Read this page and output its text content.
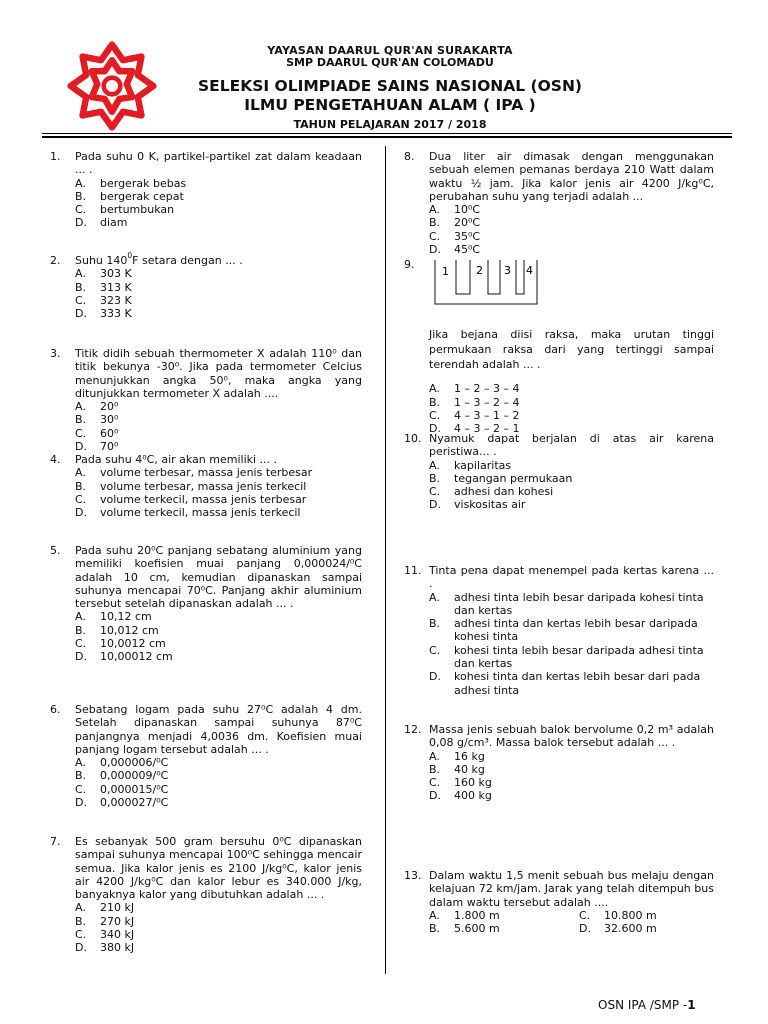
YAYASAN DAARUL QUR'AN SURAKARTA
SMP DAARUL QUR'AN COLOMADU
SELEKSI OLIMPIADE SAINS NASIONAL (OSN)
ILMU PENGETAHUAN ALAM ( IPA )
TAHUN PELAJARAN 2017 / 2018
1.	Pada suhu 0 K, partikel-partikel zat dalam keadaan ... .
A.	bergerak bebas
B.	bergerak cepat
C.	bertumbukan
D.	diam
2.	Suhu $140^0F$ setara dengan ... .
A.	303 K
B.	313 K
C.	323 K
D.	333 K
3.	Titik didih sebuah thermometer X adalah 110⁰ dan titik bekunya -30⁰. Jika pada termometer Celcius menunjukkan angka 50⁰, maka angka yang ditunjukkan termometer X adalah ....
A.	20⁰
B.	30⁰
C.	60⁰
D.	70⁰
4.	Pada suhu 4⁰C, air akan memiliki ... .
A.	volume terbesar, massa jenis terbesar
B.	volume terbesar, massa jenis terkecil
C.	volume terkecil, massa jenis terbesar
D.	volume terkecil, massa jenis terkecil
5.	Pada suhu 20⁰C panjang sebatang aluminium yang memiliki koefisien muai panjang 0,000024/⁰C adalah 10 cm, kemudian dipanaskan sampai suhunya mencapai 70⁰C. Panjang akhir aluminium tersebut setelah dipanaskan adalah ... .
A.	10,12 cm
B.	10,012 cm
C.	10,0012 cm
D.	10,00012 cm
6.	Sebatang logam pada suhu 27⁰C adalah 4 dm. Setelah dipanaskan sampai suhunya 87⁰C panjangnya menjadi 4,0036 dm. Koefisien muai panjang logam tersebut adalah ... .
A.	0,000006/⁰C
B.	0,000009/⁰C
C.	0,000015/⁰C
D.	0,000027/⁰C
7.	Es sebanyak 500 gram bersuhu 0⁰C dipanaskan sampai suhunya mencapai 100⁰C sehingga mencair semua. Jika kalor jenis es 2100 J/kg⁰C, kalor jenis air 4200 J/kg⁰C dan kalor lebur es 340.000 J/kg, banyaknya kalor yang dibutuhkan adalah ... .
A.	210 kJ
B.	270 kJ
C.	340 kJ
D.	380 kJ
8.	Dua liter air dimasak dengan menggunakan sebuah elemen pemanas berdaya 210 Watt dalam waktu ½ jam. Jika kalor jenis air 4200 J/kg⁰C, perubahan suhu yang terjadi adalah ...
A.	10⁰C
B.	20⁰C
C.	35⁰C
D.	45⁰C
9.
1 2 3 4
Jika bejana diisi raksa, maka urutan tinggi permukaan raksa dari yang tertinggi sampai terendah adalah ... .
A.	1 – 2 – 3 – 4
B.	1 – 3 – 2 – 4
C.	4 – 3 – 1 – 2
D.	4 – 3 – 2 – 1
10. Nyamuk dapat berjalan di atas air karena peristiwa... .
A.	kapilaritas
B.	tegangan permukaan
C.	adhesi dan kohesi
D.	viskositas air
11. Tinta pena dapat menempel pada kertas karena ... .
A.	adhesi tinta lebih besar daripada kohesi tinta dan kertas
B.	adhesi tinta dan kertas lebih besar daripada kohesi tinta
C.	kohesi tinta lebih besar daripada adhesi tinta dan kertas
D.	kohesi tinta dan kertas lebih besar dari pada adhesi tinta
12. Massa jenis sebuah balok bervolume 0,2 m³ adalah 0,08 g/cm³. Massa balok tersebut adalah ... .
A.	16 kg
B.	40 kg
C.	160 kg
D.	400 kg
13. Dalam waktu 1,5 menit sebuah bus melaju dengan kelajuan 72 km/jam. Jarak yang telah ditempuh bus dalam waktu tersebut adalah ....
A.	1.800 m	C.	10.800 m
B.	5.600 m	D.	32.600 m
OSN IPA /SMP -1
